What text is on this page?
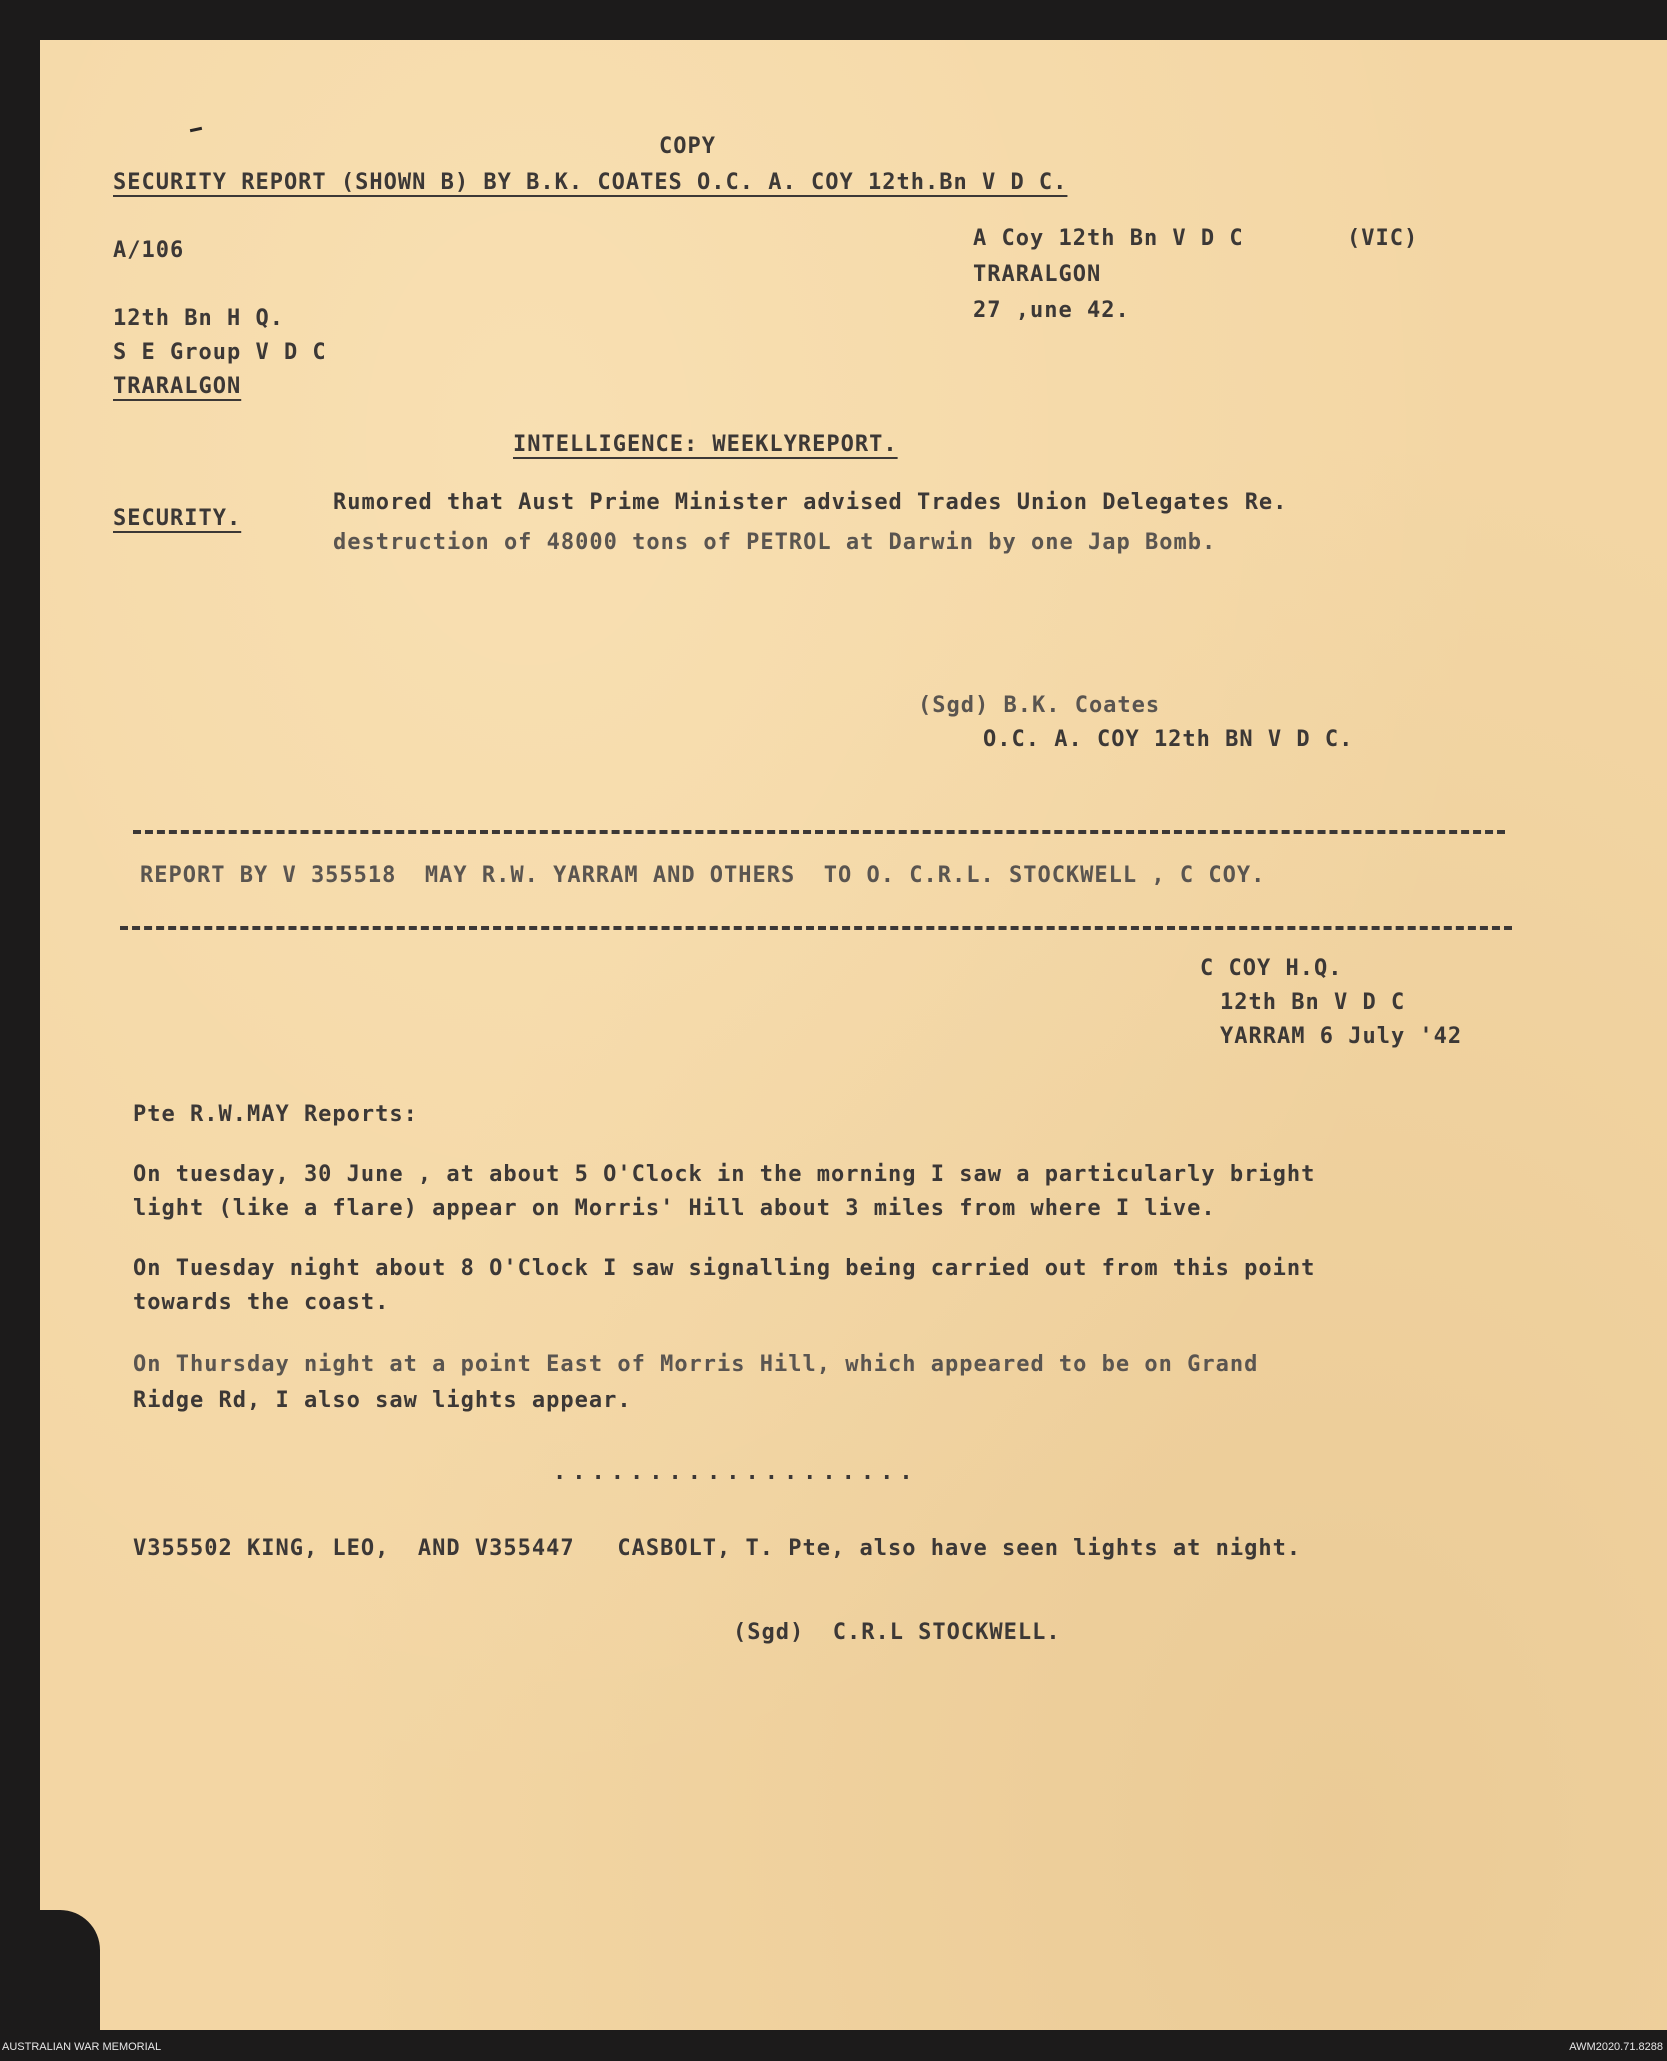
COPY
SECURITY REPORT (SHOWN B) BY B.K. COATES O.C. A. COY 12th.Bn V D C.
A/106	A Coy 12th Bn V D C	(VIC)
TRARALGON
27 ,une 42.
12th Bn H Q.
S E Group V D C
TRARALGON
INTELLIGENCE: WEEKLYREPORT.
SECURITY.
Rumored that Aust Prime Minister advised Trades Union Delegates Re.
destruction of 48000 tons of PETROL at Darwin by one Jap Bomb.
(Sgd) B.K. Coates
O.C. A. COY 12th BN V D C.
REPORT BY V 355518  MAY R.W. YARRAM AND OTHERS  TO O. C.R.L. STOCKWELL , C COY.
C COY H.Q.
12th Bn V D C
YARRAM 6 July '42
Pte R.W.MAY Reports:
On tuesday, 30 June , at about 5 O'Clock in the morning I saw a particularly bright
light (like a flare) appear on Morris' Hill about 3 miles from where I live.
On Tuesday night about 8 O'Clock I saw signalling being carried out from this point
towards the coast.
On Thursday night at a point East of Morris Hill, which appeared to be on Grand
Ridge Rd, I also saw lights appear.
...................
V355502 KING, LEO,  AND V355447   CASBOLT, T. Pte, also have seen lights at night.
(Sgd)  C.R.L STOCKWELL.
AUSTRALIAN WAR MEMORIAL	AWM2020.71.8288
